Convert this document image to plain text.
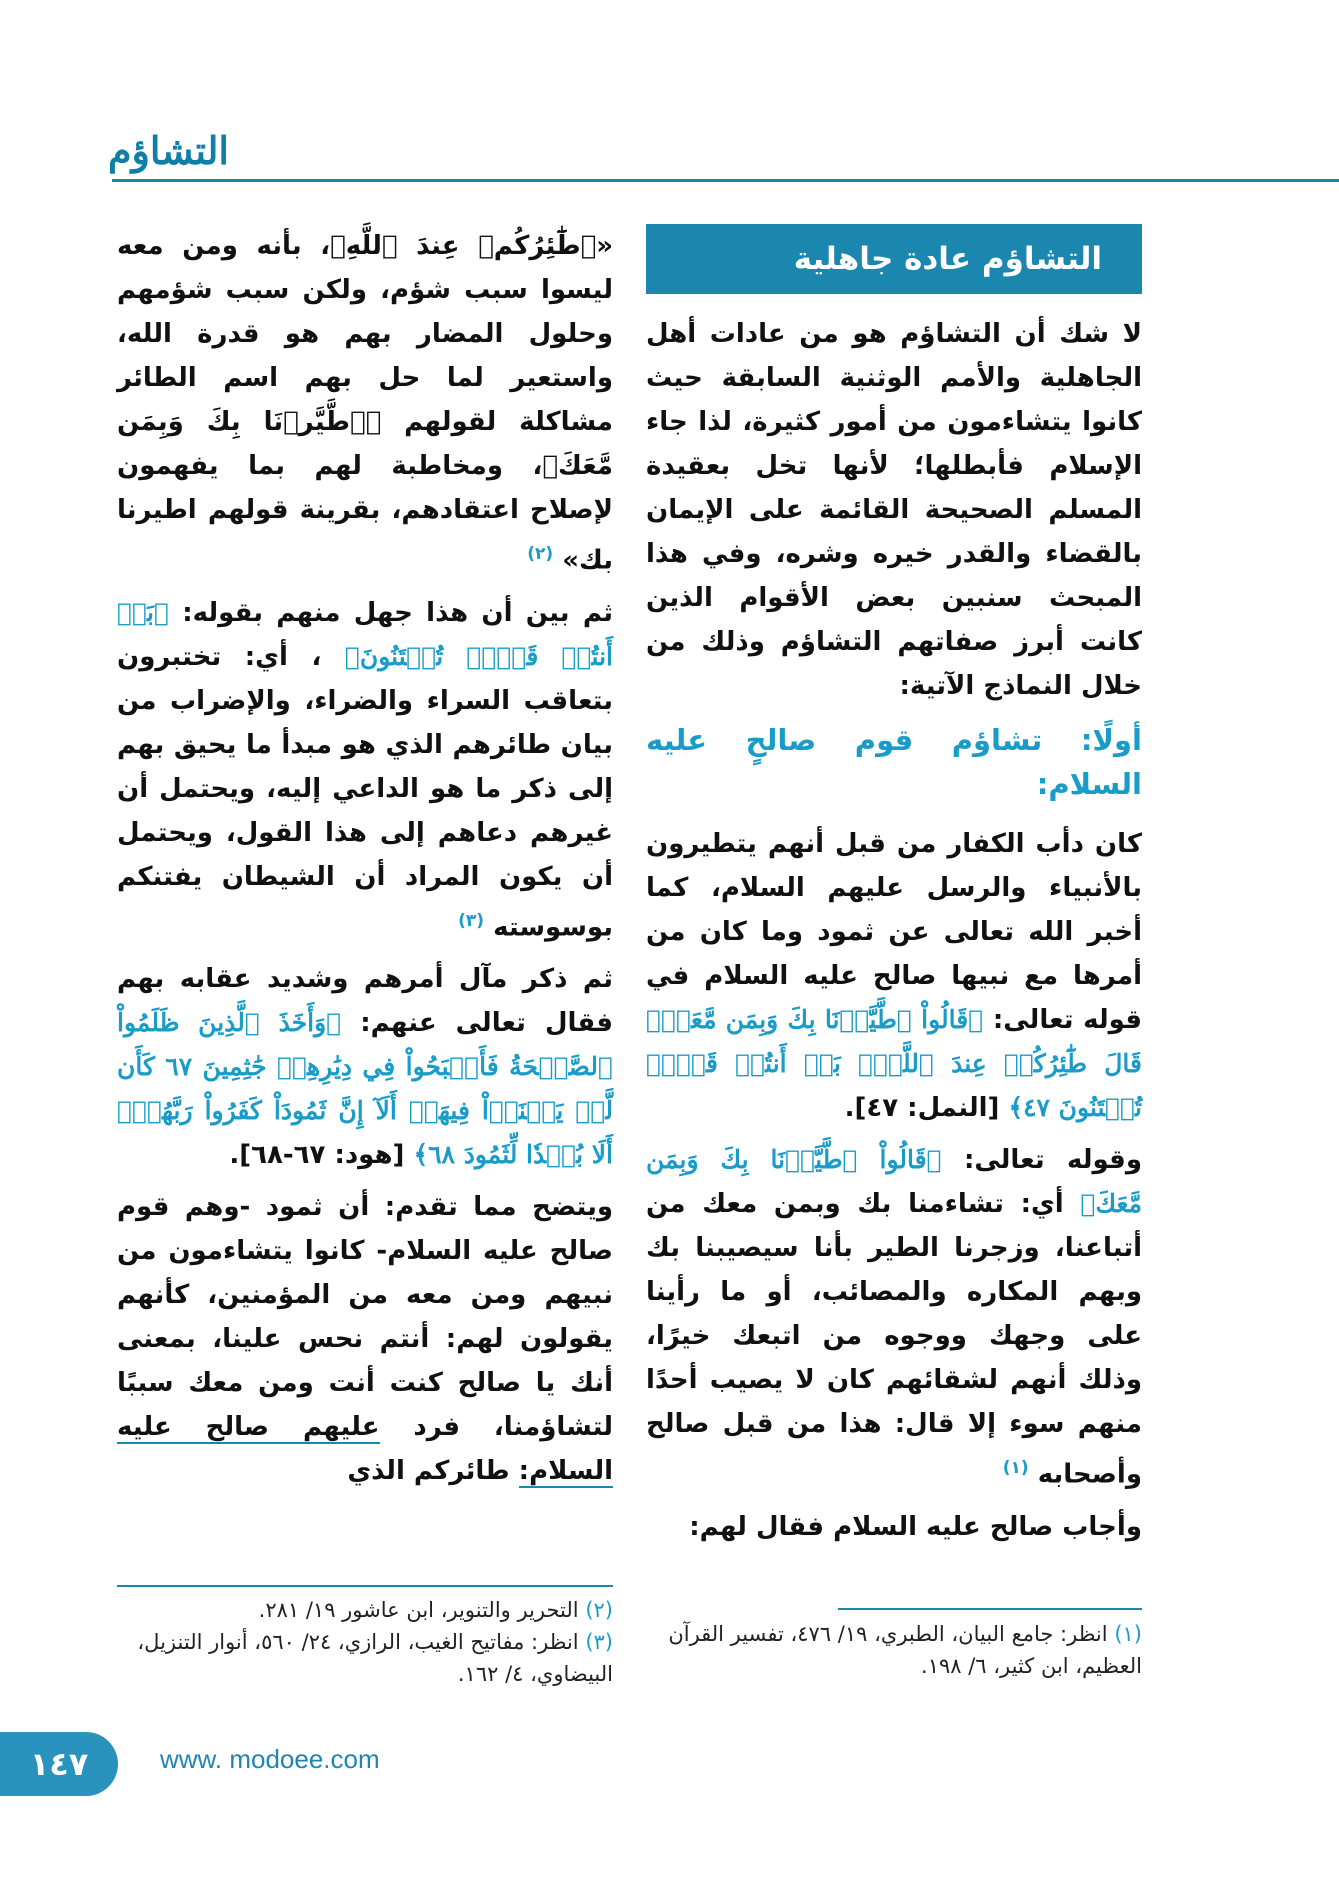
التشاؤم
التشاؤم عادة جاهلية

لا شك أن التشاؤم هو من عادات أهل الجاهلية والأمم الوثنية السابقة حيث كانوا يتشاءمون من أمور كثيرة، لذا جاء الإسلام فأبطلها؛ لأنها تخل بعقيدة المسلم الصحيحة القائمة على الإيمان بالقضاء والقدر خيره وشره، وفي هذا المبحث سنبين بعض الأقوام الذين كانت أبرز صفاتهم التشاؤم وذلك من خلال النماذج الآتية:

أولًا: تشاؤم قوم صالحٍ عليه السلام:

كان دأب الكفار من قبل أنهم يتطيرون بالأنبياء والرسل عليهم السلام، كما أخبر الله تعالى عن ثمود وما كان من أمرها مع نبيها صالح عليه السلام في قوله تعالى: ﴿قَالُواْ ٱطَّيَّرۡنَا بِكَ وَبِمَن مَّعَكَۚ قَالَ طَٰٓئِرُكُمۡ عِندَ ٱللَّهِۖ بَلۡ أَنتُمۡ قَوۡمٞ تُفۡتَنُونَ ٤٧﴾ [النمل: ٤٧].

وقوله تعالى: ﴿قَالُواْ ٱطَّيَّرۡنَا بِكَ وَبِمَن مَّعَكَ﴾ أي: تشاءمنا بك وبمن معك من أتباعنا، وزجرنا الطير بأنا سيصيبنا بك وبهم المكاره والمصائب، أو ما رأينا على وجهك ووجوه من اتبعك خيرًا، وذلك أنهم لشقائهم كان لا يصيب أحدًا منهم سوء إلا قال: هذا من قبل صالح وأصحابه $^{(١)}$

وأجاب صالح عليه السلام فقال لهم:

«﴿طَٰٓئِرُكُمۡ عِندَ ٱللَّهِ﴾، بأنه ومن معه ليسوا سبب شؤم، ولكن سبب شؤمهم وحلول المضار بهم هو قدرة الله، واستعير لما حل بهم اسم الطائر مشاكلة لقولهم ﴿ٱطَّيَّرۡنَا بِكَ وَبِمَن مَّعَكَ﴾، ومخاطبة لهم بما يفهمون لإصلاح اعتقادهم، بقرينة قولهم اطيرنا بك» $^{(٢)}$

ثم بين أن هذا جهل منهم بقوله: ﴿بَلۡ أَنتُمۡ قَوۡمٞ تُفۡتَنُونَ﴾ ، أي: تختبرون بتعاقب السراء والضراء، والإضراب من بيان طائرهم الذي هو مبدأ ما يحيق بهم إلى ذكر ما هو الداعي إليه، ويحتمل أن غيرهم دعاهم إلى هذا القول، ويحتمل أن يكون المراد أن الشيطان يفتنكم بوسوسته $^{(٣)}$

ثم ذكر مآل أمرهم وشديد عقابه بهم فقال تعالى عنهم: ﴿وَأَخَذَ ٱلَّذِينَ ظَلَمُواْ ٱلصَّيۡحَةُ فَأَصۡبَحُواْ فِي دِيَٰرِهِمۡ جَٰثِمِينَ ٦٧ كَأَن لَّمۡ يَغۡنَوۡاْ فِيهَآۗ أَلَآ إِنَّ ثَمُودَاْ كَفَرُواْ رَبَّهُمۡۗ أَلَا بُعۡدٗا لِّثَمُودَ ٦٨﴾ [هود: ٦٧-٦٨].

ويتضح مما تقدم: أن ثمود -وهم قوم صالح عليه السلام- كانوا يتشاءمون من نبيهم ومن معه من المؤمنين، كأنهم يقولون لهم: أنتم نحس علينا، بمعنى أنك يا صالح كنت أنت ومن معك سببًا لتشاؤمنا، فرد عليهم صالح عليه السلام: طائركم الذي

(٢) التحرير والتنوير، ابن عاشور ١٩/ ٢٨١.
(٣) انظر: مفاتيح الغيب، الرازي، ٢٤/ ٥٦٠، أنوار التنزيل، البيضاوي، ٤/ ١٦٢.
(١) انظر: جامع البيان، الطبري، ١٩/ ٤٧٦، تفسير القرآن العظيم، ابن كثير، ٦/ ١٩٨.
١٤٧	www. modoee.com
